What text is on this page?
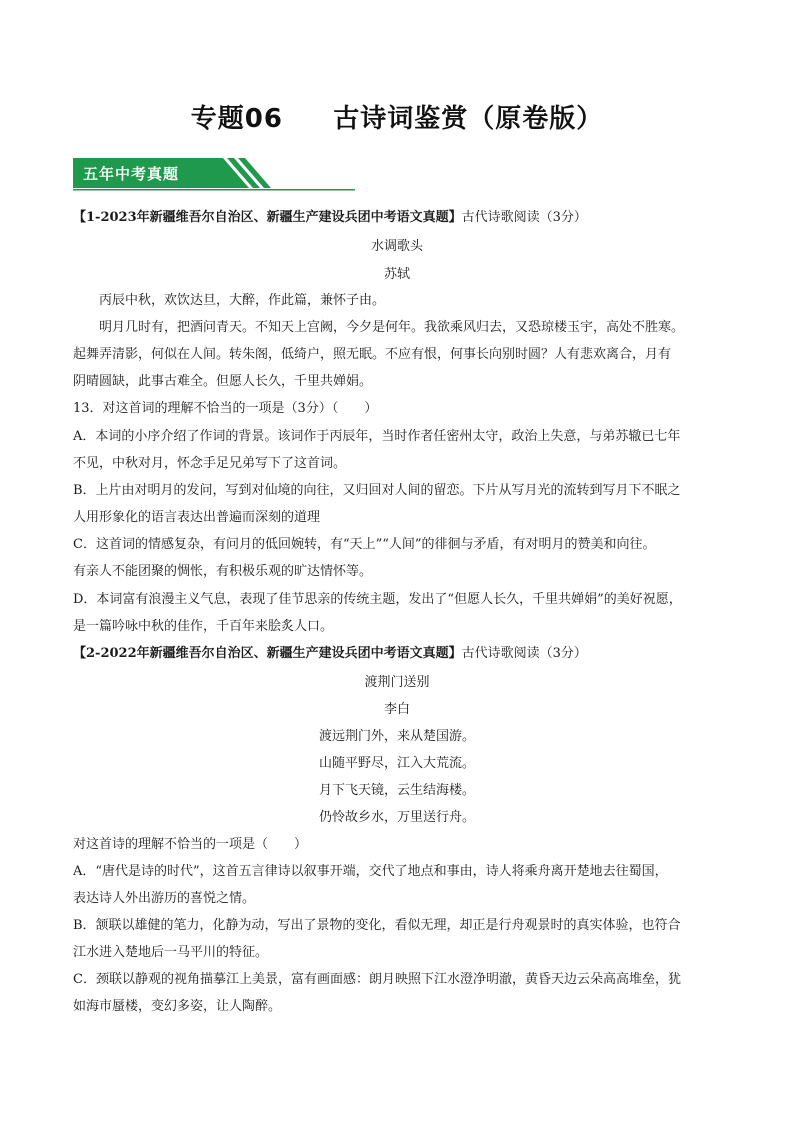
专题06     古诗词鉴赏（原卷版）
五年中考真题
【1-2023年新疆维吾尔自治区、新疆生产建设兵团中考语文真题】古代诗歌阅读（3分）
水调歌头
苏轼
丙辰中秋，欢饮达旦，大醉，作此篇，兼怀子由。
明月几时有，把酒问青天。不知天上宫阙，今夕是何年。我欲乘风归去，又恐琼楼玉宇，高处不胜寒。
起舞弄清影，何似在人间。转朱阁，低绮户，照无眠。不应有恨，何事长向别时圆？人有悲欢离合，月有
阴晴圆缺，此事古难全。但愿人长久，千里共婵娟。
13．对这首词的理解不恰当的一项是（3分）（　　）
A．本词的小序介绍了作词的背景。该词作于丙辰年，当时作者任密州太守，政治上失意，与弟苏辙已七年
不见，中秋对月，怀念手足兄弟写下了这首词。
B．上片由对明月的发问，写到对仙境的向往，又归回对人间的留恋。下片从写月光的流转到写月下不眠之
人用形象化的语言表达出普遍而深刻的道理
C．这首词的情感复杂，有问月的低回婉转，有“天上”“人间”的徘徊与矛盾，有对明月的赞美和向往。
有亲人不能团聚的惆怅，有积极乐观的旷达情怀等。
D．本词富有浪漫主义气息，表现了佳节思亲的传统主题，发出了“但愿人长久，千里共婵娟”的美好祝愿，
是一篇吟咏中秋的佳作，千百年来脍炙人口。
【2-2022年新疆维吾尔自治区、新疆生产建设兵团中考语文真题】古代诗歌阅读（3分）
渡荆门送别
李白
渡远荆门外，来从楚国游。
山随平野尽，江入大荒流。
月下飞天镜，云生结海楼。
仍怜故乡水，万里送行舟。
对这首诗的理解不恰当的一项是（　　）
A．“唐代是诗的时代”，这首五言律诗以叙事开端，交代了地点和事由，诗人将乘舟离开楚地去往蜀国，
表达诗人外出游历的喜悦之情。
B．颔联以雄健的笔力，化静为动，写出了景物的变化，看似无理，却正是行舟观景时的真实体验，也符合
江水进入楚地后一马平川的特征。
C．颈联以静观的视角描摹江上美景，富有画面感：朗月映照下江水澄净明澈，黄昏天边云朵高高堆垒，犹
如海市蜃楼，变幻多姿，让人陶醉。
